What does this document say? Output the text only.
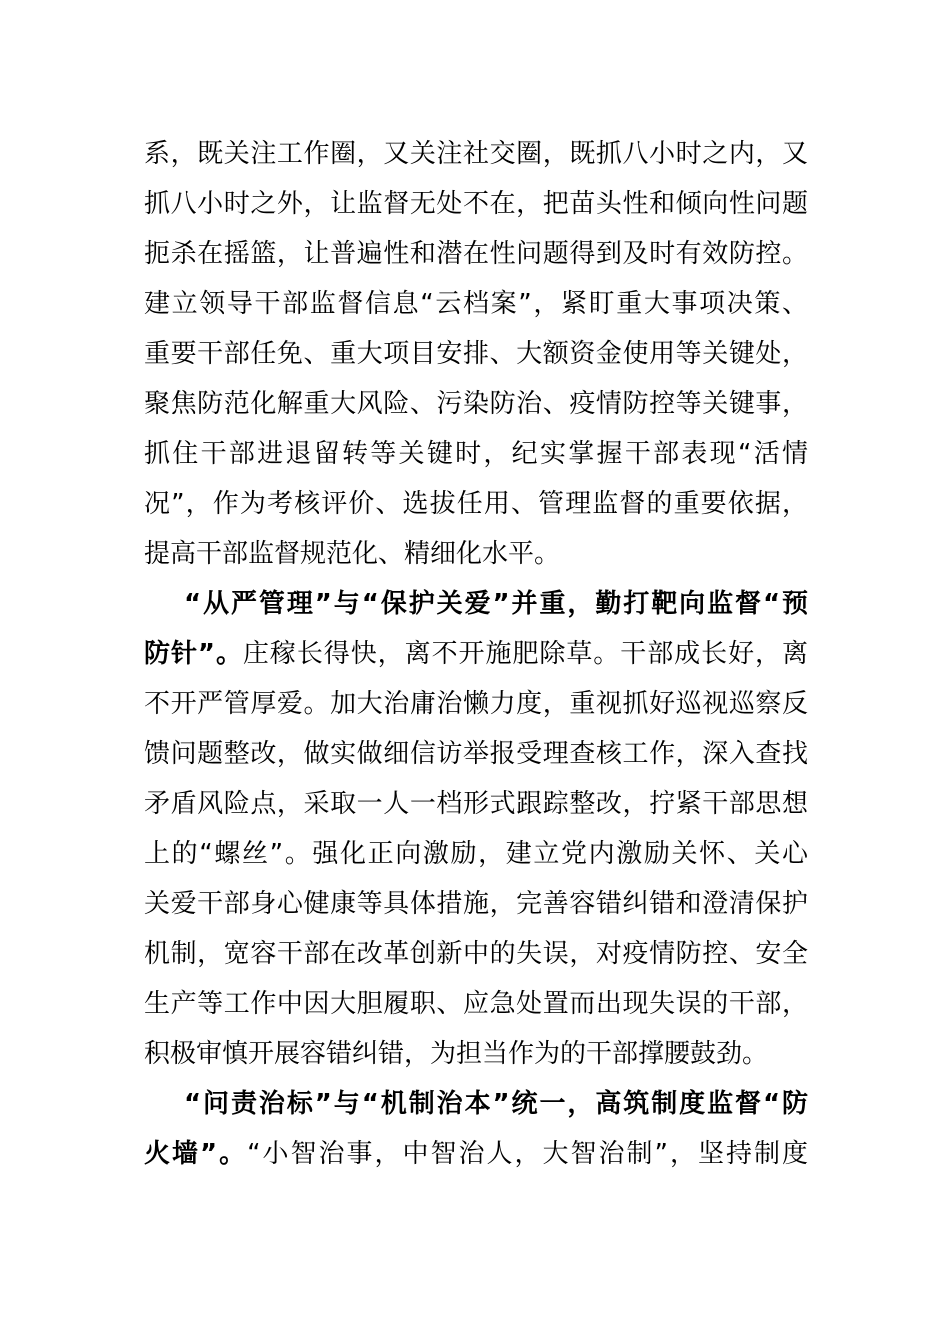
系，既关注工作圈，又关注社交圈，既抓八小时之内，又
抓八小时之外，让监督无处不在，把苗头性和倾向性问题
扼杀在摇篮，让普遍性和潜在性问题得到及时有效防控。
建立领导干部监督信息“云档案”，紧盯重大事项决策、
重要干部任免、重大项目安排、大额资金使用等关键处，
聚焦防范化解重大风险、污染防治、疫情防控等关键事，
抓住干部进退留转等关键时，纪实掌握干部表现“活情
况”，作为考核评价、选拔任用、管理监督的重要依据，
提高干部监督规范化、精细化水平。
“从严管理”与“保护关爱”并重，勤打靶向监督“预
防针”。庄稼长得快，离不开施肥除草。干部成长好，离
不开严管厚爱。加大治庸治懒力度，重视抓好巡视巡察反
馈问题整改，做实做细信访举报受理查核工作，深入查找
矛盾风险点，采取一人一档形式跟踪整改，拧紧干部思想
上的“螺丝”。强化正向激励，建立党内激励关怀、关心
关爱干部身心健康等具体措施，完善容错纠错和澄清保护
机制，宽容干部在改革创新中的失误，对疫情防控、安全
生产等工作中因大胆履职、应急处置而出现失误的干部，
积极审慎开展容错纠错，为担当作为的干部撑腰鼓劲。
“问责治标”与“机制治本”统一，高筑制度监督“防
火墙”。“小智治事，中智治人，大智治制”，坚持制度
